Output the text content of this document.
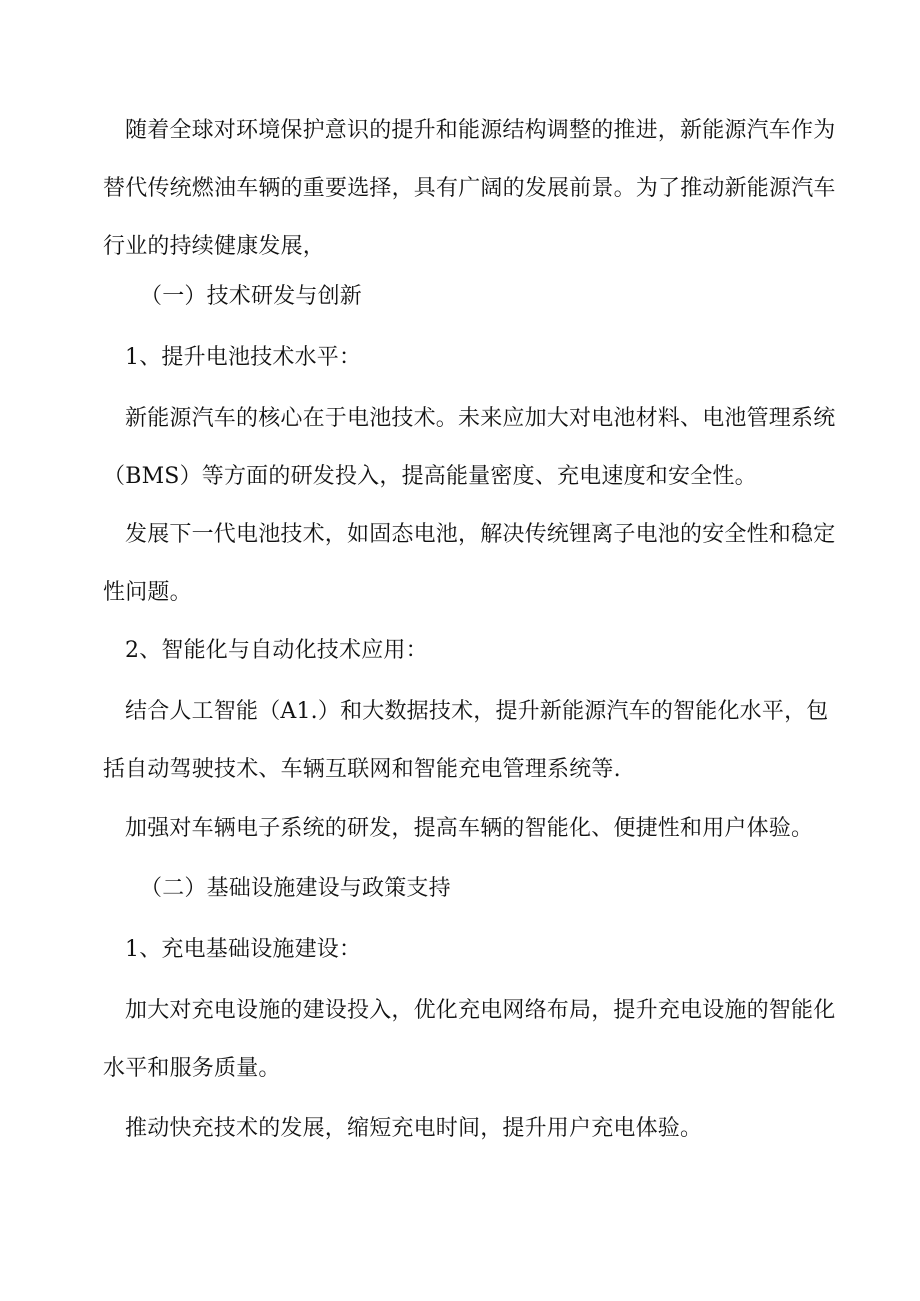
随着全球对环境保护意识的提升和能源结构调整的推进，新能源汽车作为替代传统燃油车辆的重要选择，具有广阔的发展前景。为了推动新能源汽车行业的持续健康发展，

（一）技术研发与创新

1、提升电池技术水平：

新能源汽车的核心在于电池技术。未来应加大对电池材料、电池管理系统（BMS）等方面的研发投入，提高能量密度、充电速度和安全性。

发展下一代电池技术，如固态电池，解决传统锂离子电池的安全性和稳定性问题。

2、智能化与自动化技术应用：

结合人工智能（A1.）和大数据技术，提升新能源汽车的智能化水平，包括自动驾驶技术、车辆互联网和智能充电管理系统等.

加强对车辆电子系统的研发，提高车辆的智能化、便捷性和用户体验。

（二）基础设施建设与政策支持

1、充电基础设施建设：

加大对充电设施的建设投入，优化充电网络布局，提升充电设施的智能化水平和服务质量。

推动快充技术的发展，缩短充电时间，提升用户充电体验。
